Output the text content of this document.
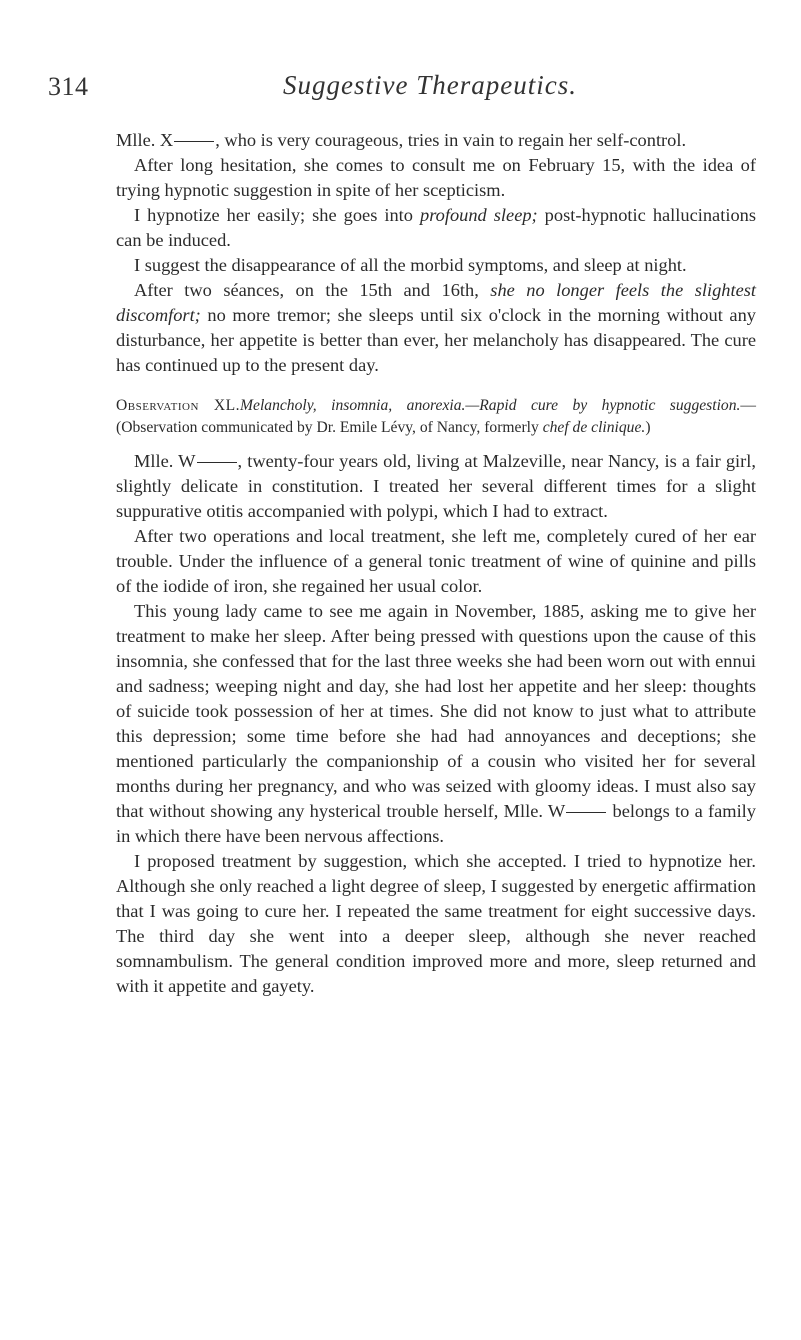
314	Suggestive Therapeutics.

Mlle. X , who is very courageous, tries in vain to regain her self-control.

After long hesitation, she comes to consult me on February 15, with the idea of trying hypnotic suggestion in spite of her scepticism.

I hypnotize her easily; she goes into profound sleep; post-hypnotic hallucinations can be induced.

I suggest the disappearance of all the morbid symptoms, and sleep at night.

After two séances, on the 15th and 16th, she no longer feels the slightest discomfort; no more tremor; she sleeps until six o'clock in the morning without any disturbance, her appetite is better than ever, her melancholy has disappeared. The cure has continued up to the present day.

Observation XL.Melancholy, insomnia, anorexia.—Rapid cure by hypnotic suggestion.—(Observation communicated by Dr. Emile Lévy, of Nancy, formerly chef de clinique.)

Mlle. W , twenty-four years old, living at Malzeville, near Nancy, is a fair girl, slightly delicate in constitution. I treated her several different times for a slight suppurative otitis accompanied with polypi, which I had to extract.

After two operations and local treatment, she left me, completely cured of her ear trouble. Under the influence of a general tonic treatment of wine of quinine and pills of the iodide of iron, she regained her usual color.

This young lady came to see me again in November, 1885, asking me to give her treatment to make her sleep. After being pressed with questions upon the cause of this insomnia, she confessed that for the last three weeks she had been worn out with ennui and sadness; weeping night and day, she had lost her appetite and her sleep: thoughts of suicide took possession of her at times. She did not know to just what to attribute this depression; some time before she had had annoyances and deceptions; she mentioned particularly the companionship of a cousin who visited her for several months during her pregnancy, and who was seized with gloomy ideas. I must also say that without showing any hysterical trouble herself, Mlle. W belongs to a family in which there have been nervous affections.

I proposed treatment by suggestion, which she accepted. I tried to hypnotize her. Although she only reached a light degree of sleep, I suggested by energetic affirmation that I was going to cure her. I repeated the same treatment for eight successive days. The third day she went into a deeper sleep, although she never reached somnambulism. The general condition improved more and more, sleep returned and with it appetite and gayety.
